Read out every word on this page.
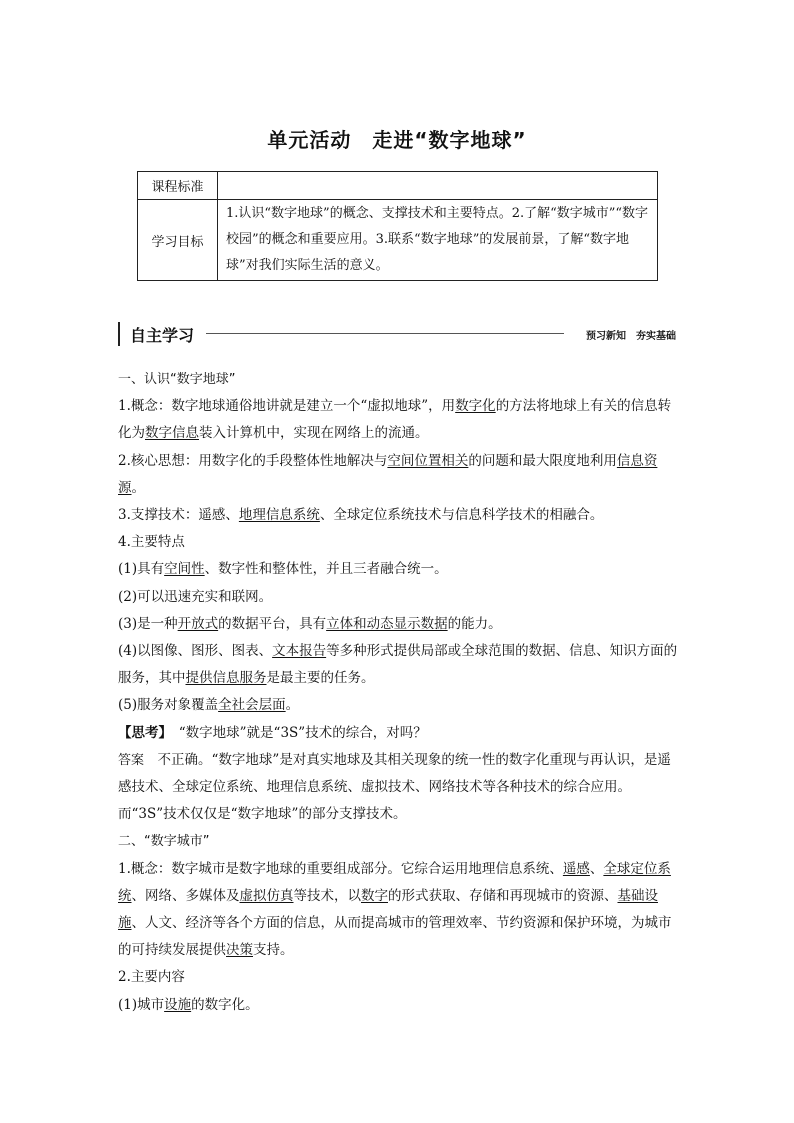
单元活动　走进“数字地球”
课程标准	
学习目标	1.认识“数字地球”的概念、支撑技术和主要特点。2.了解“数字城市”“数字校园”的概念和重要应用。3.联系“数字地球”的发展前景，了解“数字地球”对我们实际生活的意义。
自主学习	预习新知　夯实基础

一、认识“数字地球”

1.概念：数字地球通俗地讲就是建立一个“虚拟地球”，用数字化的方法将地球上有关的信息转化为数字信息装入计算机中，实现在网络上的流通。

2.核心思想：用数字化的手段整体性地解决与空间位置相关的问题和最大限度地利用信息资源。

3.支撑技术：遥感、地理信息系统、全球定位系统技术与信息科学技术的相融合。

4.主要特点

(1)具有空间性、数字性和整体性，并且三者融合统一。

(2)可以迅速充实和联网。

(3)是一种开放式的数据平台，具有立体和动态显示数据的能力。

(4)以图像、图形、图表、文本报告等多种形式提供局部或全球范围的数据、信息、知识方面的服务，其中提供信息服务是最主要的任务。

(5)服务对象覆盖全社会层面。

【思考】　“数字地球”就是“3S”技术的综合，对吗？

答案　不正确。“数字地球”是对真实地球及其相关现象的统一性的数字化重现与再认识，是遥感技术、全球定位系统、地理信息系统、虚拟技术、网络技术等各种技术的综合应用。而“3S”技术仅仅是“数字地球”的部分支撑技术。

二、“数字城市”

1.概念：数字城市是数字地球的重要组成部分。它综合运用地理信息系统、遥感、全球定位系统、网络、多媒体及虚拟仿真等技术，以数字的形式获取、存储和再现城市的资源、基础设施、人文、经济等各个方面的信息，从而提高城市的管理效率、节约资源和保护环境，为城市的可持续发展提供决策支持。

2.主要内容

(1)城市设施的数字化。
